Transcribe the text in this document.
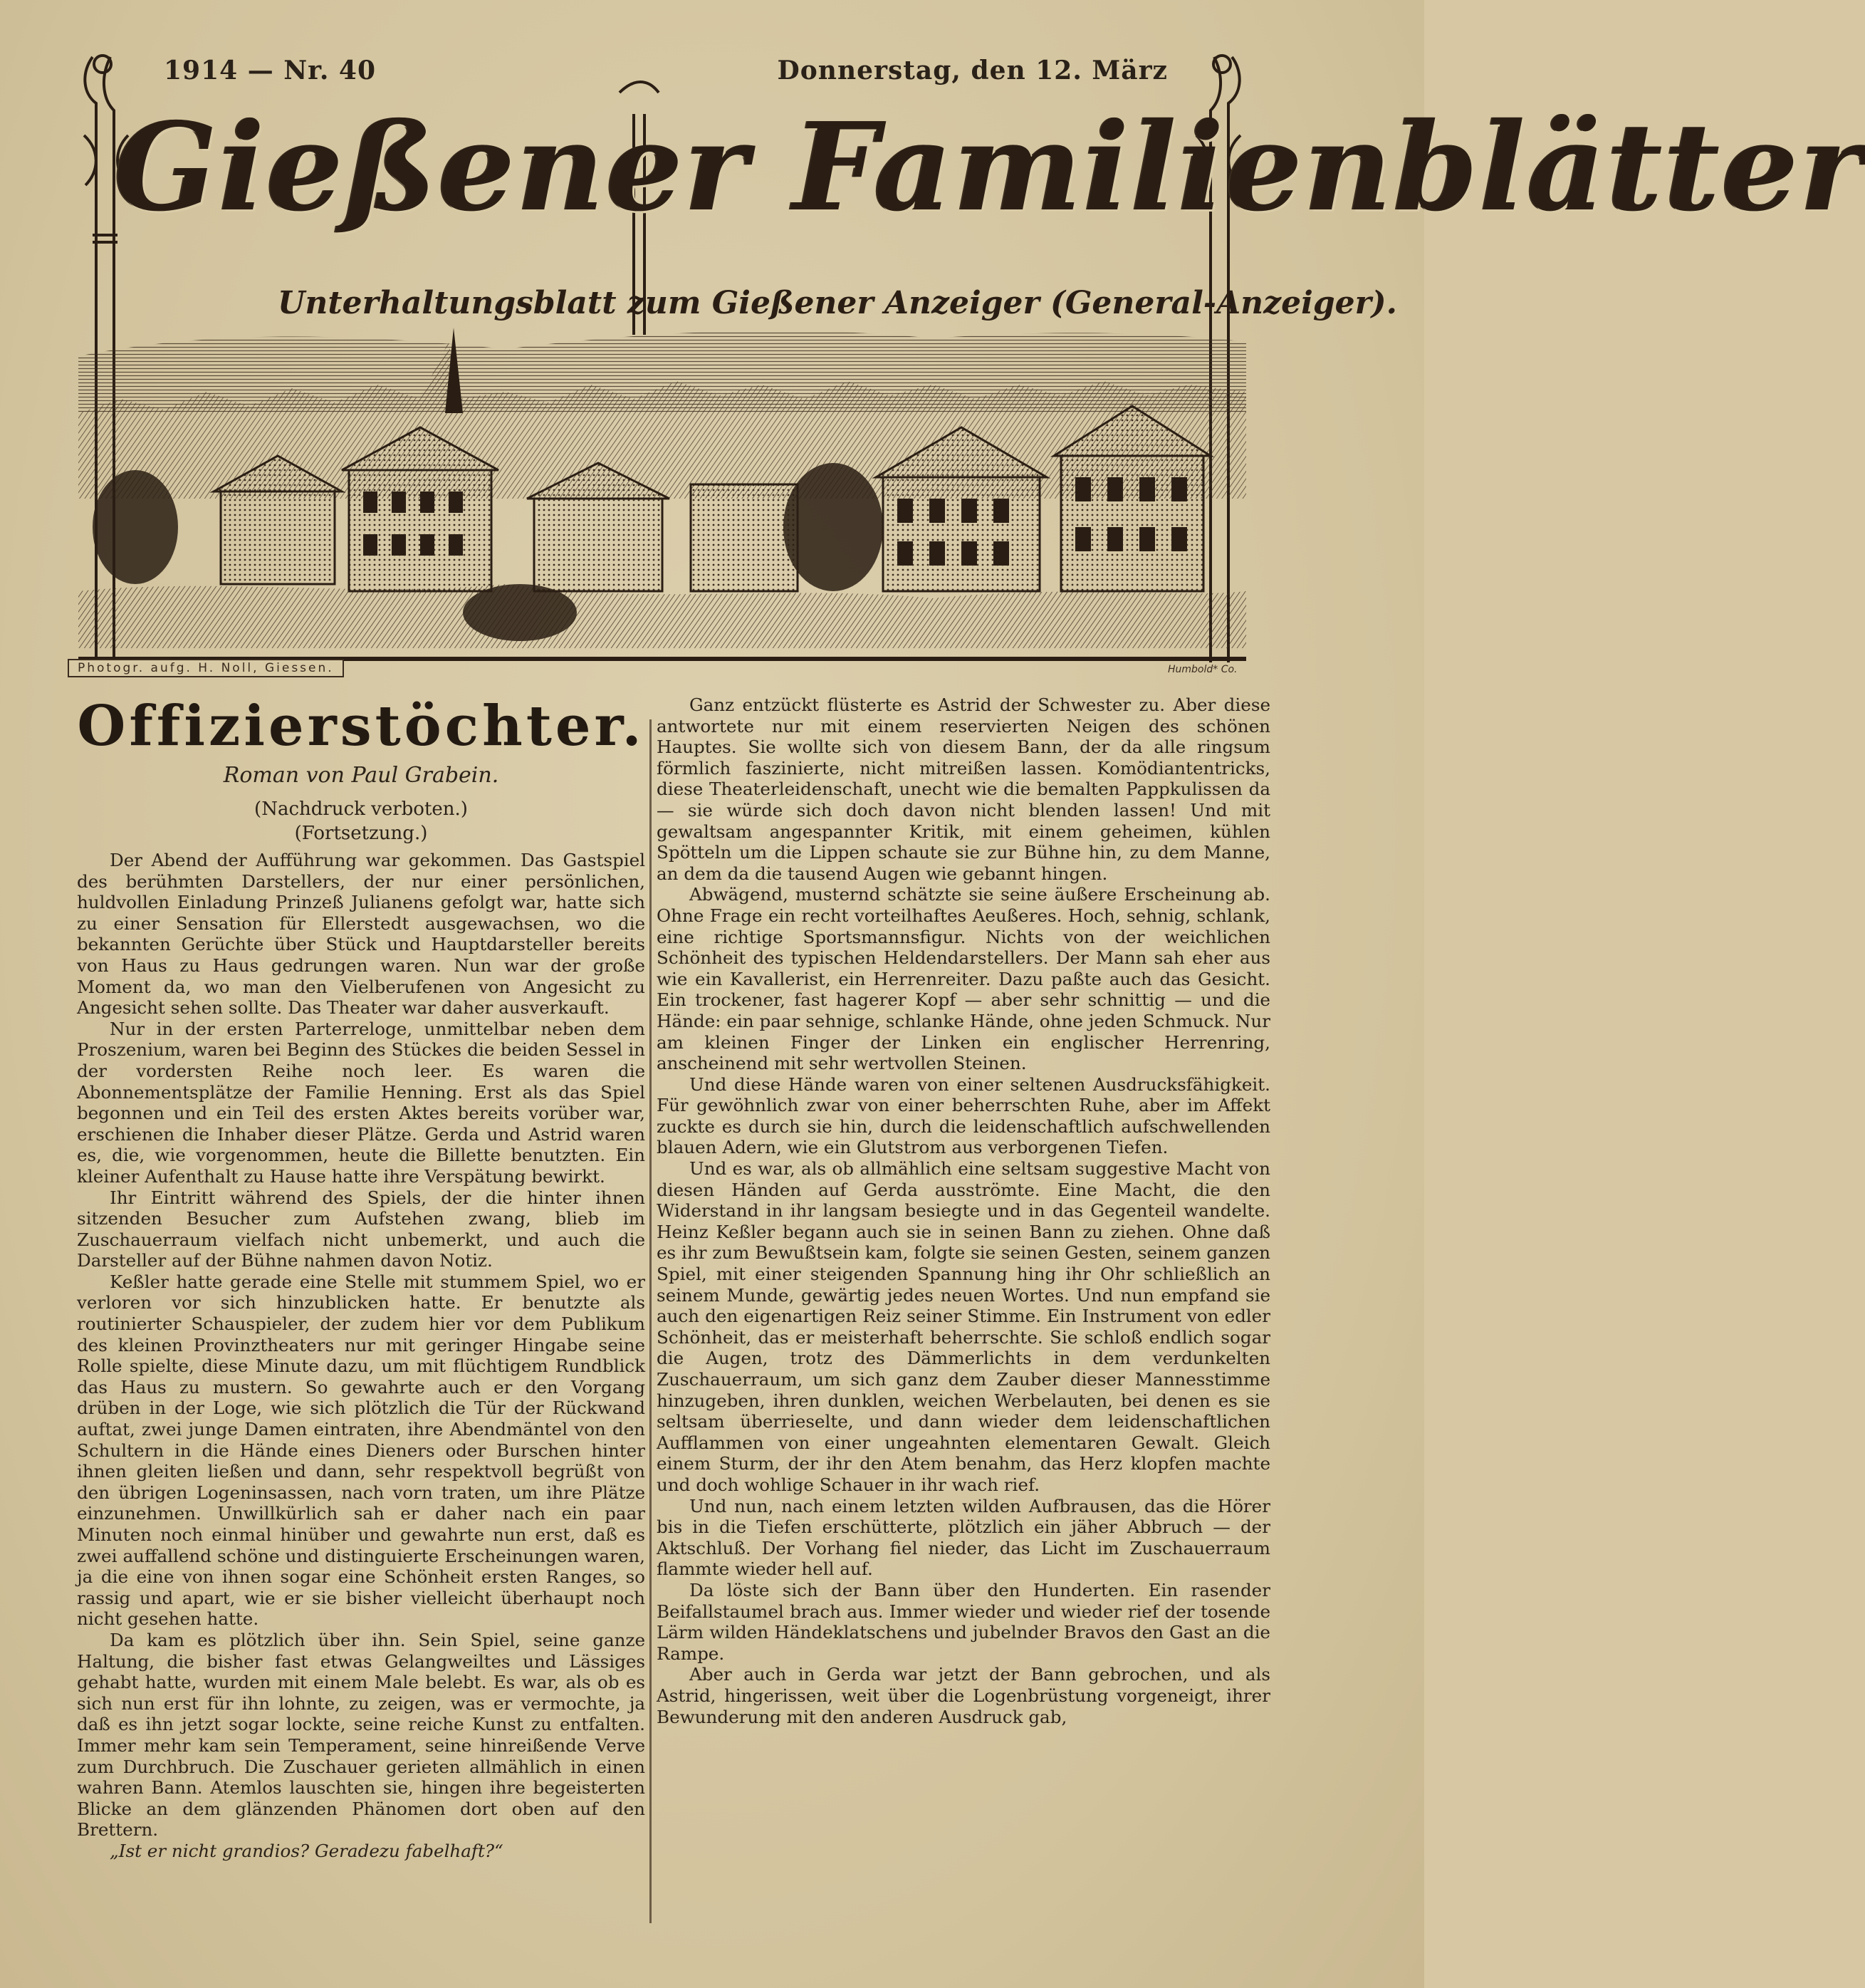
1914 — Nr. 40	Donnerstag, den 12. März
Gießener Familienblätter
Unterhaltungsblatt zum Gießener Anzeiger (General-Anzeiger).
Photogr. aufg. H. Noll, Giessen.	Humbold* Co.
Offizierstöchter.

Roman von Paul Grabein.

(Nachdruck verboten.)

(Fortsetzung.)

Der Abend der Aufführung war gekommen. Das Gastspiel des berühmten Darstellers, der nur einer persönlichen, huldvollen Einladung Prinzeß Julianens gefolgt war, hatte sich zu einer Sensation für Ellerstedt ausgewachsen, wo die bekannten Gerüchte über Stück und Hauptdarsteller bereits von Haus zu Haus gedrungen waren. Nun war der große Moment da, wo man den Vielberufenen von Angesicht zu Angesicht sehen sollte. Das Theater war daher ausverkauft.

Nur in der ersten Parterreloge, unmittelbar neben dem Proszenium, waren bei Beginn des Stückes die beiden Sessel in der vordersten Reihe noch leer. Es waren die Abonnementsplätze der Familie Henning. Erst als das Spiel begonnen und ein Teil des ersten Aktes bereits vorüber war, erschienen die Inhaber dieser Plätze. Gerda und Astrid waren es, die, wie vorgenommen, heute die Billette benutzten. Ein kleiner Aufenthalt zu Hause hatte ihre Verspätung bewirkt.

Ihr Eintritt während des Spiels, der die hinter ihnen sitzenden Besucher zum Aufstehen zwang, blieb im Zuschauerraum vielfach nicht unbemerkt, und auch die Darsteller auf der Bühne nahmen davon Notiz.

Keßler hatte gerade eine Stelle mit stummem Spiel, wo er verloren vor sich hinzublicken hatte. Er benutzte als routinierter Schauspieler, der zudem hier vor dem Publikum des kleinen Provinztheaters nur mit geringer Hingabe seine Rolle spielte, diese Minute dazu, um mit flüchtigem Rundblick das Haus zu mustern. So gewahrte auch er den Vorgang drüben in der Loge, wie sich plötzlich die Tür der Rückwand auftat, zwei junge Damen eintraten, ihre Abendmäntel von den Schultern in die Hände eines Dieners oder Burschen hinter ihnen gleiten ließen und dann, sehr respektvoll begrüßt von den übrigen Logeninsassen, nach vorn traten, um ihre Plätze einzunehmen. Unwillkürlich sah er daher nach ein paar Minuten noch einmal hinüber und gewahrte nun erst, daß es zwei auffallend schöne und distinguierte Erscheinungen waren, ja die eine von ihnen sogar eine Schönheit ersten Ranges, so rassig und apart, wie er sie bisher vielleicht überhaupt noch nicht gesehen hatte.

Da kam es plötzlich über ihn. Sein Spiel, seine ganze Haltung, die bisher fast etwas Gelangweiltes und Lässiges gehabt hatte, wurden mit einem Male belebt. Es war, als ob es sich nun erst für ihn lohnte, zu zeigen, was er vermochte, ja daß es ihn jetzt sogar lockte, seine reiche Kunst zu entfalten. Immer mehr kam sein Temperament, seine hinreißende Verve zum Durchbruch. Die Zuschauer gerieten allmählich in einen wahren Bann. Atemlos lauschten sie, hingen ihre begeisterten Blicke an dem glänzenden Phänomen dort oben auf den Brettern.

„Ist er nicht grandios? Geradezu fabelhaft?“

Ganz entzückt flüsterte es Astrid der Schwester zu. Aber diese antwortete nur mit einem reservierten Neigen des schönen Hauptes. Sie wollte sich von diesem Bann, der da alle ringsum förmlich faszinierte, nicht mitreißen lassen. Komödiantentricks, diese Theaterleidenschaft, unecht wie die bemalten Pappkulissen da — sie würde sich doch davon nicht blenden lassen! Und mit gewaltsam angespannter Kritik, mit einem geheimen, kühlen Spötteln um die Lippen schaute sie zur Bühne hin, zu dem Manne, an dem da die tausend Augen wie gebannt hingen.

Abwägend, musternd schätzte sie seine äußere Erscheinung ab. Ohne Frage ein recht vorteilhaftes Aeußeres. Hoch, sehnig, schlank, eine richtige Sportsmannsfigur. Nichts von der weichlichen Schönheit des typischen Heldendarstellers. Der Mann sah eher aus wie ein Kavallerist, ein Herrenreiter. Dazu paßte auch das Gesicht. Ein trockener, fast hagerer Kopf — aber sehr schnittig — und die Hände: ein paar sehnige, schlanke Hände, ohne jeden Schmuck. Nur am kleinen Finger der Linken ein englischer Herrenring, anscheinend mit sehr wertvollen Steinen.

Und diese Hände waren von einer seltenen Ausdrucksfähigkeit. Für gewöhnlich zwar von einer beherrschten Ruhe, aber im Affekt zuckte es durch sie hin, durch die leidenschaftlich aufschwellenden blauen Adern, wie ein Glutstrom aus verborgenen Tiefen.

Und es war, als ob allmählich eine seltsam suggestive Macht von diesen Händen auf Gerda ausströmte. Eine Macht, die den Widerstand in ihr langsam besiegte und in das Gegenteil wandelte. Heinz Keßler begann auch sie in seinen Bann zu ziehen. Ohne daß es ihr zum Bewußtsein kam, folgte sie seinen Gesten, seinem ganzen Spiel, mit einer steigenden Spannung hing ihr Ohr schließlich an seinem Munde, gewärtig jedes neuen Wortes. Und nun empfand sie auch den eigenartigen Reiz seiner Stimme. Ein Instrument von edler Schönheit, das er meisterhaft beherrschte. Sie schloß endlich sogar die Augen, trotz des Dämmerlichts in dem verdunkelten Zuschauerraum, um sich ganz dem Zauber dieser Mannesstimme hinzugeben, ihren dunklen, weichen Werbelauten, bei denen es sie seltsam überrieselte, und dann wieder dem leidenschaftlichen Aufflammen von einer ungeahnten elementaren Gewalt. Gleich einem Sturm, der ihr den Atem benahm, das Herz klopfen machte und doch wohlige Schauer in ihr wach rief.

Und nun, nach einem letzten wilden Aufbrausen, das die Hörer bis in die Tiefen erschütterte, plötzlich ein jäher Abbruch — der Aktschluß. Der Vorhang fiel nieder, das Licht im Zuschauerraum flammte wieder hell auf.

Da löste sich der Bann über den Hunderten. Ein rasender Beifallstaumel brach aus. Immer wieder und wieder rief der tosende Lärm wilden Händeklatschens und jubelnder Bravos den Gast an die Rampe.

Aber auch in Gerda war jetzt der Bann gebrochen, und als Astrid, hingerissen, weit über die Logenbrüstung vorgeneigt, ihrer Bewunderung mit den anderen Ausdruck gab,
